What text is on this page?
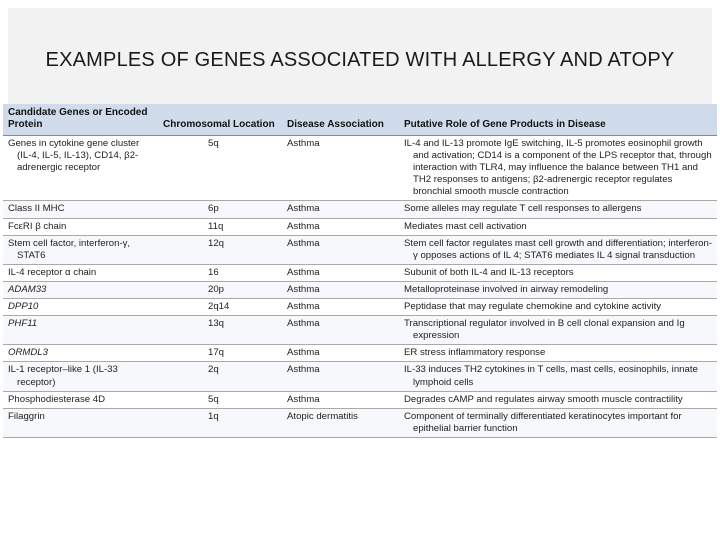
EXAMPLES OF GENES ASSOCIATED WITH ALLERGY AND ATOPY
Candidate Genes or Encoded Protein	Chromosomal Location	Disease Association	Putative Role of Gene Products in Disease
Genes in cytokine gene cluster (IL-4, IL-5, IL-13), CD14, β2-adrenergic receptor	5q	Asthma	IL-4 and IL-13 promote IgE switching, IL-5 promotes eosinophil growth and activation; CD14 is a component of the LPS receptor that, through interaction with TLR4, may influence the balance between TH1 and TH2 responses to antigens; β2-adrenergic receptor regulates bronchial smooth muscle contraction
Class II MHC	6p	Asthma	Some alleles may regulate T cell responses to allergens
FcεRI β chain	11q	Asthma	Mediates mast cell activation
Stem cell factor, interferon-γ, STAT6	12q	Asthma	Stem cell factor regulates mast cell growth and differentiation; interferon-γ opposes actions of IL 4; STAT6 mediates IL 4 signal transduction
IL-4 receptor α chain	16	Asthma	Subunit of both IL-4 and IL-13 receptors
ADAM33	20p	Asthma	Metalloproteinase involved in airway remodeling
DPP10	2q14	Asthma	Peptidase that may regulate chemokine and cytokine activity
PHF11	13q	Asthma	Transcriptional regulator involved in B cell clonal expansion and Ig expression
ORMDL3	17q	Asthma	ER stress inflammatory response
IL-1 receptor–like 1 (IL-33 receptor)	2q	Asthma	IL-33 induces TH2 cytokines in T cells, mast cells, eosinophils, innate lymphoid cells
Phosphodiesterase 4D	5q	Asthma	Degrades cAMP and regulates airway smooth muscle contractility
Filaggrin	1q	Atopic dermatitis	Component of terminally differentiated keratinocytes important for epithelial barrier function
